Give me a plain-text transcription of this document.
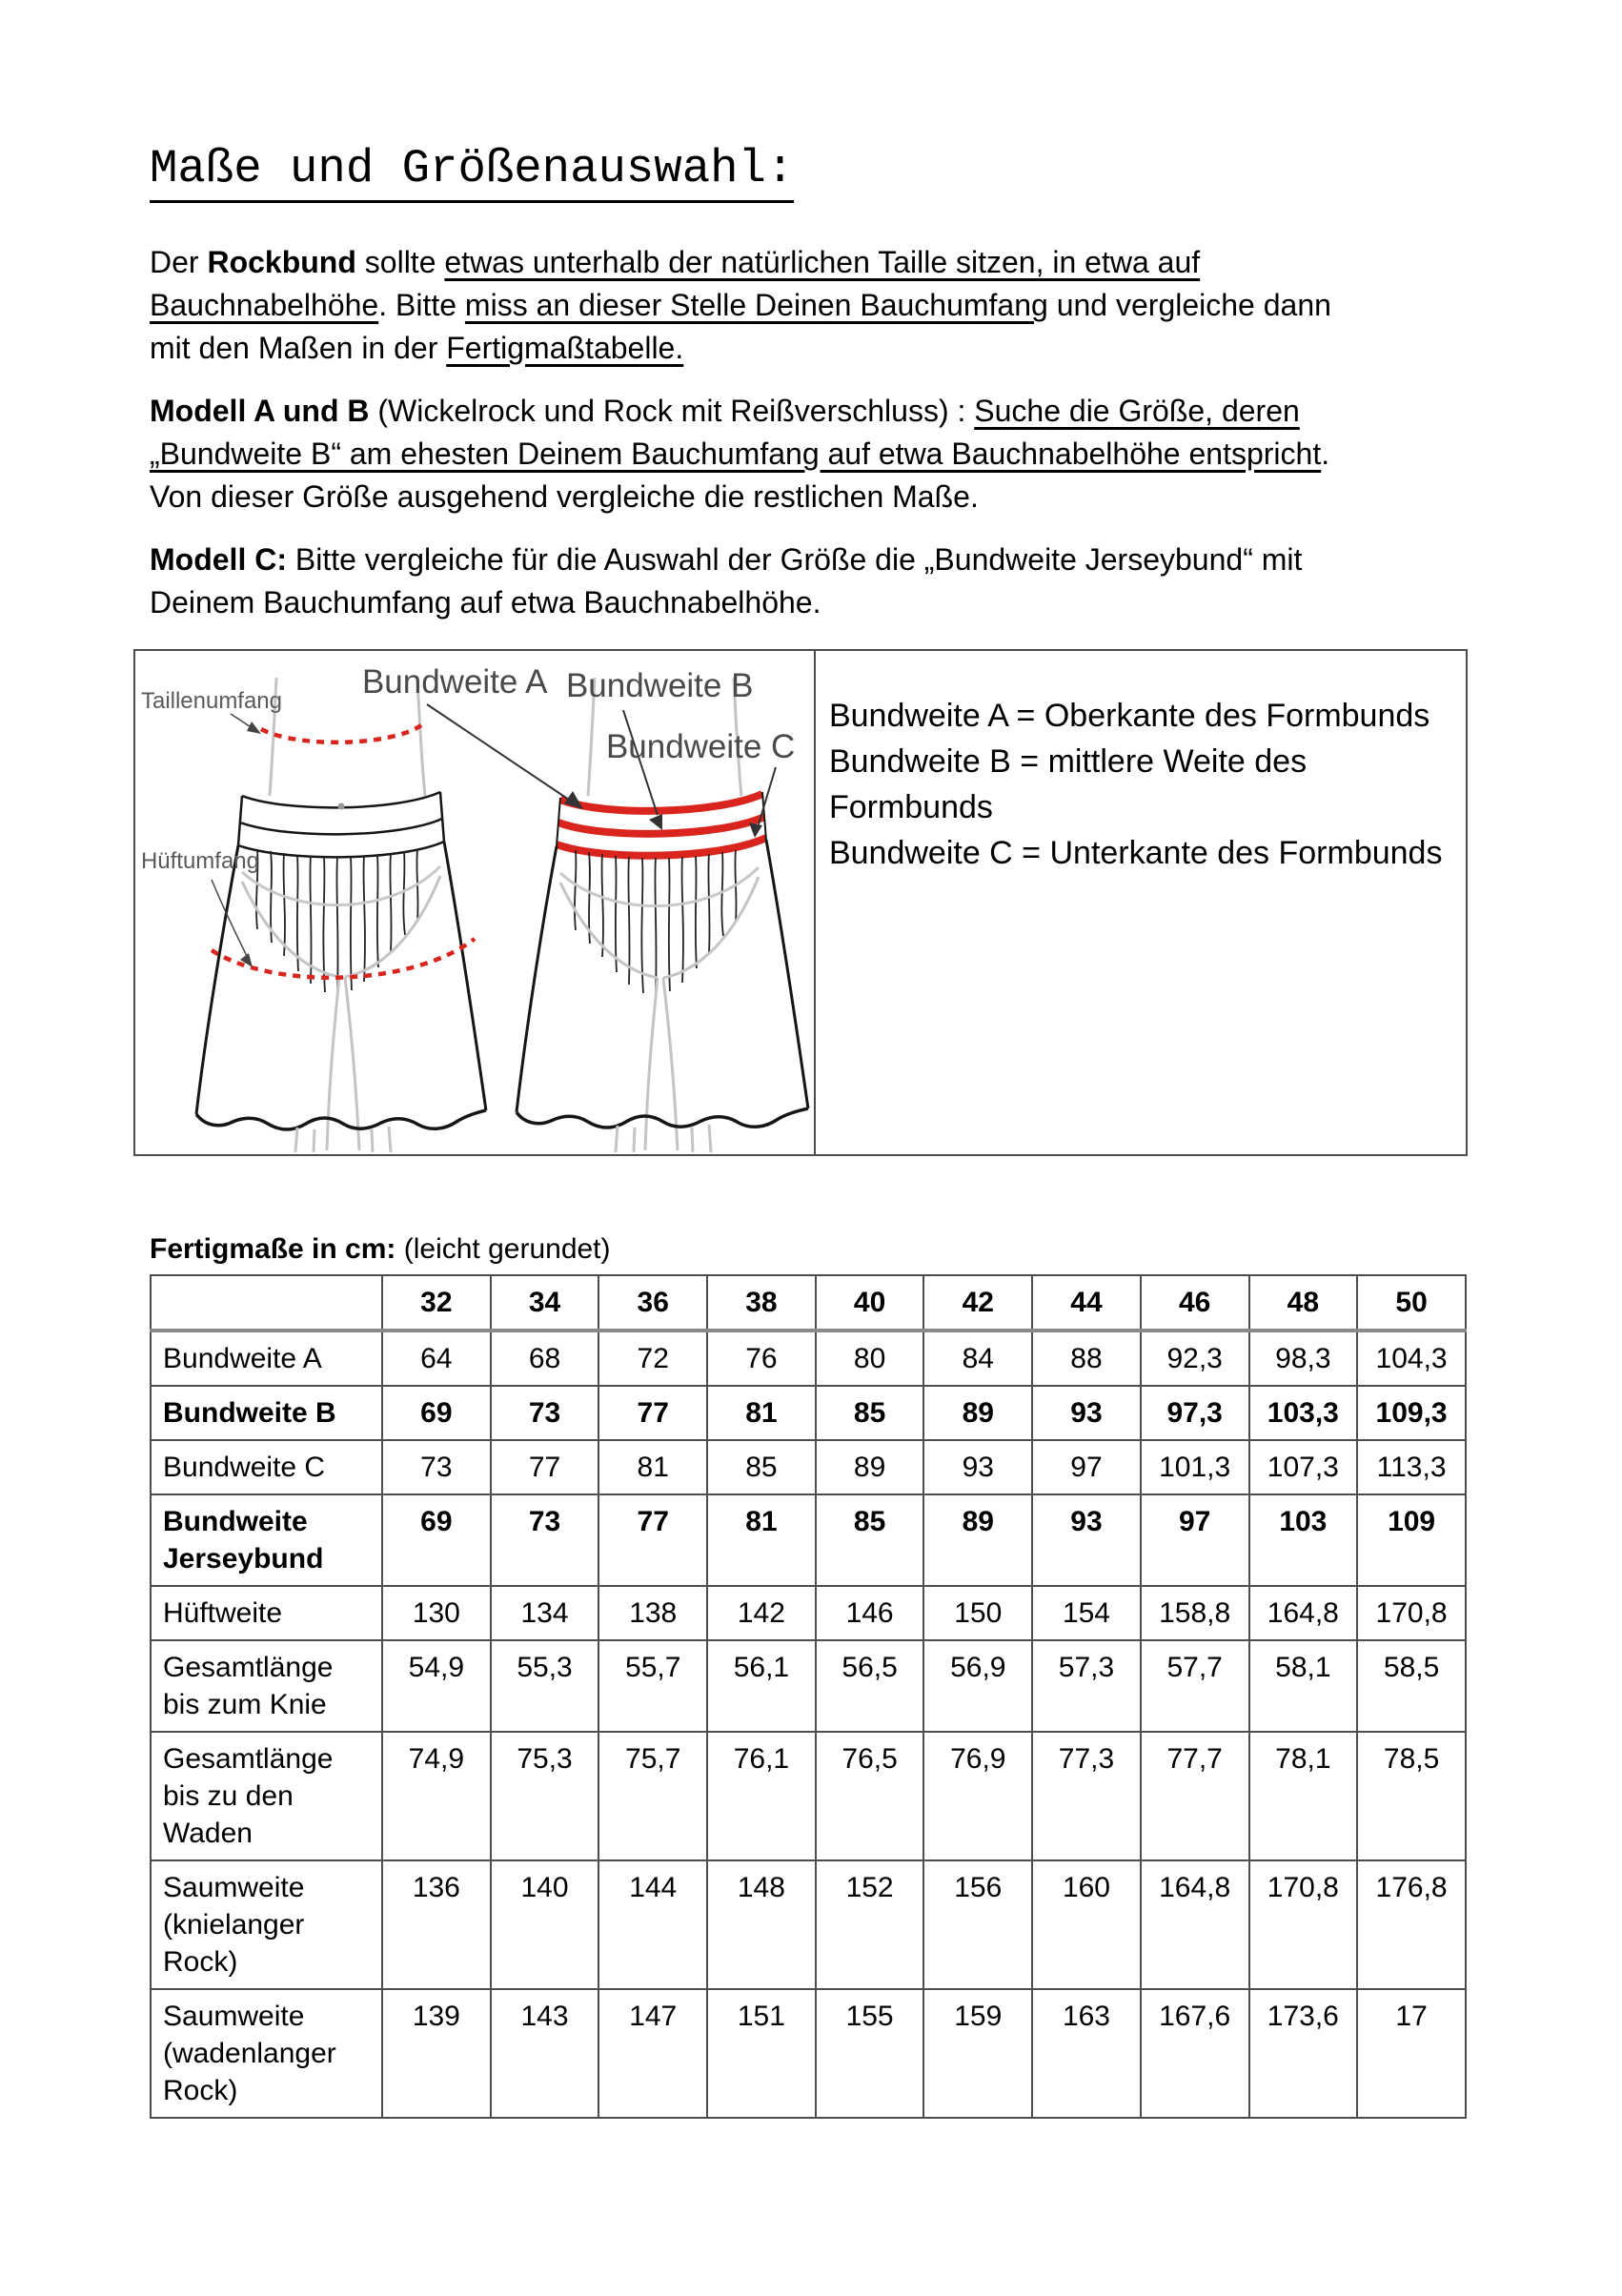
Maße und Größenauswahl:

Der Rockbund sollte etwas unterhalb der natürlichen Taille sitzen, in etwa auf
Bauchnabelhöhe. Bitte miss an dieser Stelle Deinen Bauchumfang und vergleiche dann
mit den Maßen in der Fertigmaßtabelle.

Modell A und B (Wickelrock und Rock mit Reißverschluss) : Suche die Größe, deren
„Bundweite B“ am ehesten Deinem Bauchumfang auf etwa Bauchnabelhöhe entspricht.
Von dieser Größe ausgehend vergleiche die restlichen Maße.

Modell C: Bitte vergleiche für die Auswahl der Größe die „Bundweite Jerseybund“ mit
Deinem Bauchumfang auf etwa Bauchnabelhöhe.

Taillenumfang
Hüftumfang
Bundweite A Bundweite B
Bundweite C
Bundweite A = Oberkante des Formbunds
Bundweite B = mittlere Weite des Formbunds
Bundweite C = Unterkante des Formbunds
Fertigmaße in cm: (leicht gerundet)
	32	34	36	38	40	42	44	46	48	50
Bundweite A	64	68	72	76	80	84	88	92,3	98,3	104,3
Bundweite B	69	73	77	81	85	89	93	97,3	103,3	109,3
Bundweite C	73	77	81	85	89	93	97	101,3	107,3	113,3
Bundweite Jerseybund	69	73	77	81	85	89	93	97	103	109
Hüftweite	130	134	138	142	146	150	154	158,8	164,8	170,8
Gesamtlänge bis zum Knie	54,9	55,3	55,7	56,1	56,5	56,9	57,3	57,7	58,1	58,5
Gesamtlänge bis zu den Waden	74,9	75,3	75,7	76,1	76,5	76,9	77,3	77,7	78,1	78,5
Saumweite (knielanger Rock)	136	140	144	148	152	156	160	164,8	170,8	176,8
Saumweite (wadenlanger Rock)	139	143	147	151	155	159	163	167,6	173,6	17
